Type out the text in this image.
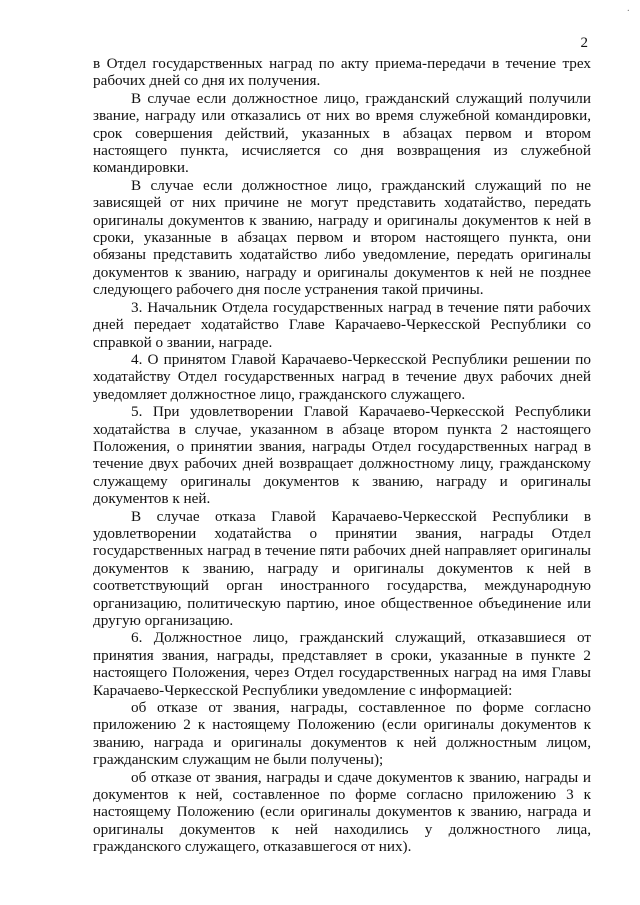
·
2

в Отдел государственных наград по акту приема-передачи в течение трех рабочих дней со дня их получения.

В случае если должностное лицо, гражданский служащий получили звание, награду или отказались от них во время служебной командировки, срок совершения действий, указанных в абзацах первом и втором настоящего пункта, исчисляется со дня возвращения из служебной командировки.

В случае если должностное лицо, гражданский служащий по не зависящей от них причине не могут представить ходатайство, передать оригиналы документов к званию, награду и оригиналы документов к ней в сроки, указанные в абзацах первом и втором настоящего пункта, они обязаны представить ходатайство либо уведомление, передать оригиналы документов к званию, награду и оригиналы документов к ней не позднее следующего рабочего дня после устранения такой причины.

3. Начальник Отдела государственных наград в течение пяти рабочих дней передает ходатайство Главе Карачаево-Черкесской Республики со справкой о звании, награде.

4. О принятом Главой Карачаево-Черкесской Республики решении по ходатайству Отдел государственных наград в течение двух рабочих дней уведомляет должностное лицо, гражданского служащего.

5. При удовлетворении Главой Карачаево-Черкесской Республики ходатайства в случае, указанном в абзаце втором пункта 2 настоящего Положения, о принятии звания, награды Отдел государственных наград в течение двух рабочих дней возвращает должностному лицу, гражданскому служащему оригиналы документов к званию, награду и оригиналы документов к ней.

В случае отказа Главой Карачаево-Черкесской Республики в удовлетворении ходатайства о принятии звания, награды Отдел государственных наград в течение пяти рабочих дней направляет оригиналы документов к званию, награду и оригиналы документов к ней в соответствующий орган иностранного государства, международную организацию, политическую партию, иное общественное объединение или другую организацию.

6. Должностное лицо, гражданский служащий, отказавшиеся от принятия звания, награды, представляет в сроки, указанные в пункте 2 настоящего Положения, через Отдел государственных наград на имя Главы Карачаево-Черкесской Республики уведомление с информацией:

об отказе от звания, награды, составленное по форме согласно приложению 2 к настоящему Положению (если оригиналы документов к званию, награда и оригиналы документов к ней должностным лицом, гражданским служащим не были получены);

об отказе от звания, награды и сдаче документов к званию, награды и документов к ней, составленное по форме согласно приложению 3 к настоящему Положению (если оригиналы документов к званию, награда и оригиналы документов к ней находились у должностного лица, гражданского служащего, отказавшегося от них).
